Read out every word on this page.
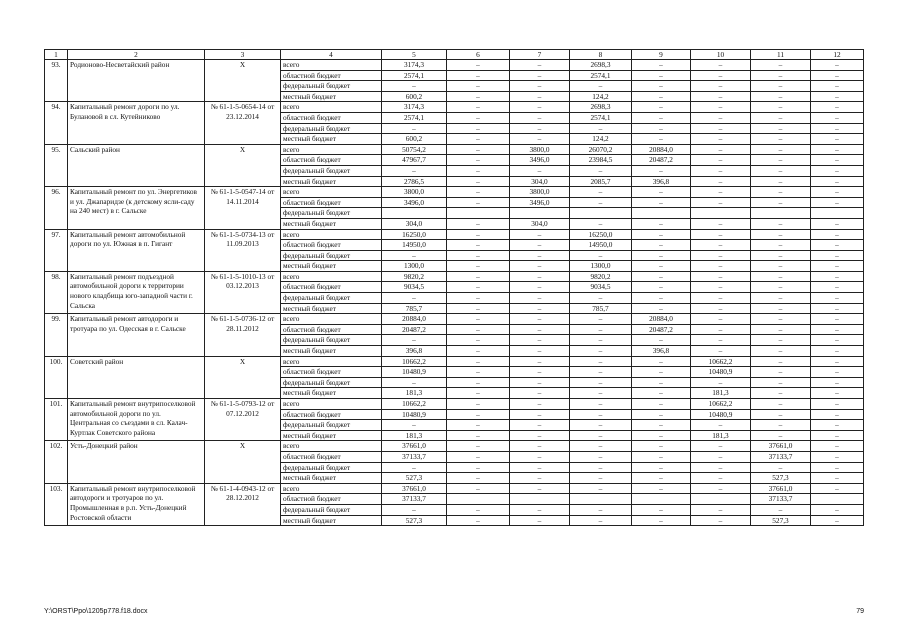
1	2	3	4	5	6	7	8	9	10	11	12
93.	Родионово-Несветайский район	Х	всего	3174,3	–	–	2698,3	–	–	–	–
			областной бюджет	2574,1	–	–	2574,1	–	–	–	–
			федеральный бюджет	–	–	–	–	–	–	–	–
			местный бюджет	600,2	–	–	124,2	–	–	–	–
94.	Капитальный ремонт дороги по ул. Булановой в сл. Кутейниково	№ 61-1-5-0654-14 от 23.12.2014	всего	3174,3	–	–	2698,3	–	–	–	–
			областной бюджет	2574,1	–	–	2574,1	–	–	–	–
			федеральный бюджет	–	–	–	–	–	–	–	–
			местный бюджет	600,2	–	–	124,2	–	–	–	–
95.	Сальский район	Х	всего	50754,2	–	3800,0	26070,2	20884,0	–	–	–
			областной бюджет	47967,7	–	3496,0	23984,5	20487,2	–	–	–
			федеральный бюджет	–	–	–	–	–	–	–	–
			местный бюджет	2786,5	–	304,0	2085,7	396,8	–	–	–
96.	Капитальный ремонт по ул. Энергетиков и ул. Джапаридзе (к детскому ясли-саду на 240 мест) в г. Сальске	№ 61-1-5-0547-14 от 14.11.2014	всего	3800,0	–	3800,0	–	–	–	–	–
			областной бюджет	3496,0	–	3496,0	–	–	–	–	–
			федеральный бюджет								
			местный бюджет	304,0	–	304,0	–	–	–	–	–
97.	Капитальный ремонт автомобильной дороги по ул. Южная в п. Гигант	№ 61-1-5-0734-13 от 11.09.2013	всего	16250,0	–	–	16250,0	–	–	–	–
			областной бюджет	14950,0	–	–	14950,0	–	–	–	–
			федеральный бюджет	–	–	–	–	–	–	–	–
			местный бюджет	1300,0	–	–	1300,0	–	–	–	–
98.	Капитальный ремонт подъездной автомобильной дороги к территории нового кладбища юго-западной части г. Сальска	№ 61-1-5-1010-13 от 03.12.2013	всего	9820,2	–	–	9820,2	–	–	–	–
			областной бюджет	9034,5	–	–	9034,5	–	–	–	–
			федеральный бюджет	–	–	–	–	–	–	–	–
			местный бюджет	785,7	–	–	785,7	–	–	–	–
99.	Капитальный ремонт автодороги и тротуара по ул. Одесская в г. Сальске	№ 61-1-5-0736-12 от 28.11.2012	всего	20884,0	–	–	–	20884,0	–	–	–
			областной бюджет	20487,2	–	–	–	20487,2	–	–	–
			федеральный бюджет	–	–	–	–	–	–	–	–
			местный бюджет	396,8	–	–	–	396,8	–	–	–
100.	Советский район	Х	всего	10662,2	–	–	–	–	10662,2	–	–
			областной бюджет	10480,9	–	–	–	–	10480,9	–	–
			федеральный бюджет	–	–	–	–	–	–	–	–
			местный бюджет	181,3	–	–	–	–	181,3	–	–
101.	Капитальный ремонт внутрипоселковой автомобильной дороги по ул. Центральная со съездами в сл. Калач-Куртлак Советского района	№ 61-1-5-0793-12 от 07.12.2012	всего	10662,2	–	–	–	–	10662,2	–	–
			областной бюджет	10480,9	–	–	–	–	10480,9	–	–
			федеральный бюджет	–	–	–	–	–	–	–	–
			местный бюджет	181,3	–	–	–	–	181,3	–	–
102.	Усть-Донецкий район	Х	всего	37661,0	–	–	–	–	–	37661,0	–
			областной бюджет	37133,7	–	–	–	–	–	37133,7	–
			федеральный бюджет	–	–	–	–	–	–	–	–
			местный бюджет	527,3	–	–	–	–	–	527,3	–
103.	Капитальный ремонт внутрипоселковой автодороги и тротуаров по ул. Промышленная в р.п. Усть-Донецкий Ростовской области	№ 61-1-4-0943-12 от 28.12.2012	всего	37661,0	–	–	–	–	–	37661,0	–
			областной бюджет	37133,7						37133,7	
			федеральный бюджет	–	–	–	–	–	–	–	–
			местный бюджет	527,3	–	–	–	–	–	527,3	–
Y:\ORST\Ppo\1205p778.f18.docx	79
